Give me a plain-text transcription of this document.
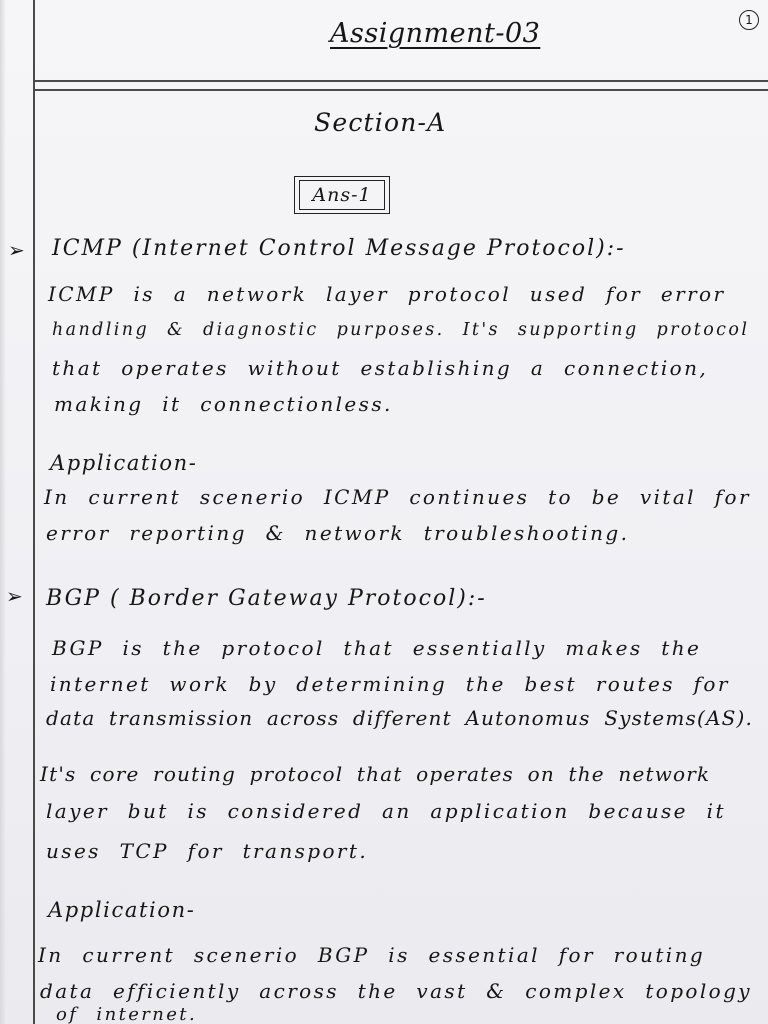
Assignment-03	1
Section-A
Ans-1
➢ ICMP (Internet Control Message Protocol):-
ICMP is a network layer protocol used for error
handling & diagnostic purposes. It's supporting protocol
that operates without establishing a connection,
making it connectionless.
Application-
In current scenerio ICMP continues to be vital for
error reporting & network troubleshooting.
➢ BGP ( Border Gateway Protocol):-
BGP is the protocol that essentially makes the
internet work by determining the best routes for
data transmission across different Autonomus Systems(AS).
It's core routing protocol that operates on the network
layer but is considered an application because it
uses TCP for transport.
Application-
In current scenerio BGP is essential for routing
data efficiently across the vast & complex topology
of internet.
